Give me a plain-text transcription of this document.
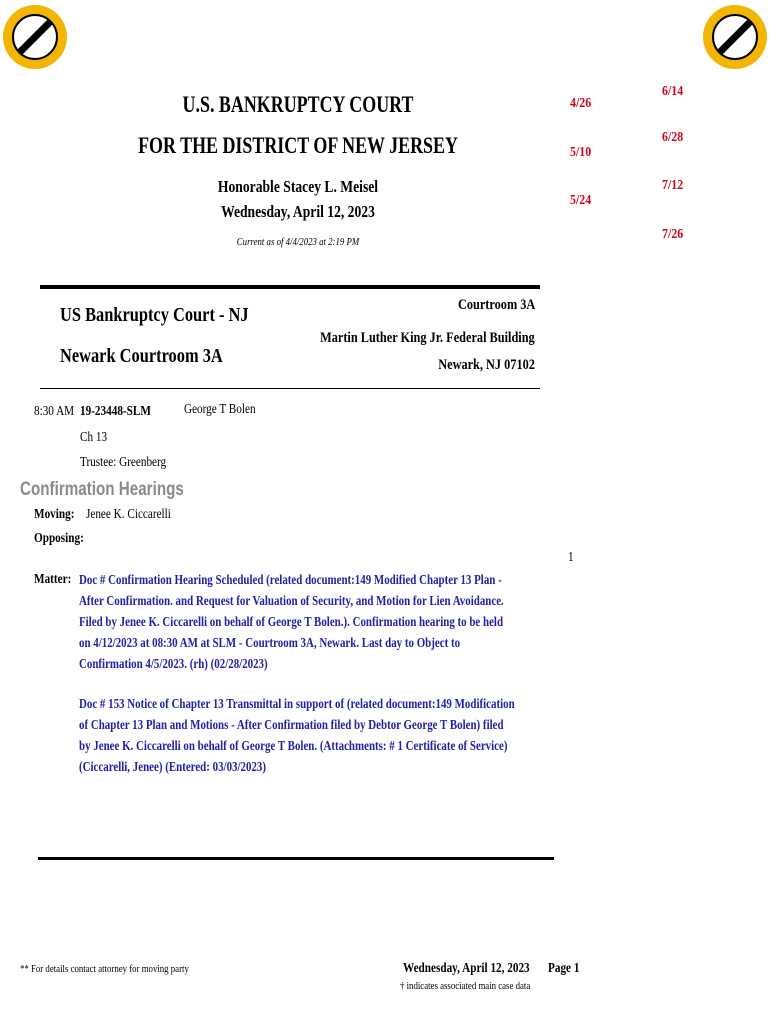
U.S. BANKRUPTCY COURT
FOR THE DISTRICT OF NEW JERSEY
Honorable Stacey L. Meisel
Wednesday, April 12, 2023
Current as of 4/4/2023 at 2:19 PM
4/26
5/10
5/24
6/14
6/28
7/12
7/26
US Bankruptcy Court - NJ
Newark Courtroom 3A
Courtroom 3A
Martin Luther King Jr. Federal Building
Newark, NJ 07102
8:30 AM 19-23448-SLM George T Bolen
Ch 13
Trustee: Greenberg
Confirmation Hearings
Moving: Jenee K. Ciccarelli
Opposing:
1
Matter: Doc # Confirmation Hearing Scheduled (related document:149 Modified Chapter 13 Plan - After Confirmation. and Request for Valuation of Security, and Motion for Lien Avoidance. Filed by Jenee K. Ciccarelli on behalf of George T Bolen.). Confirmation hearing to be held on 4/12/2023 at 08:30 AM at SLM - Courtroom 3A, Newark. Last day to Object to Confirmation 4/5/2023. (rh) (02/28/2023)
Doc # 153 Notice of Chapter 13 Transmittal in support of (related document:149 Modification of Chapter 13 Plan and Motions - After Confirmation filed by Debtor George T Bolen) filed by Jenee K. Ciccarelli on behalf of George T Bolen. (Attachments: # 1 Certificate of Service) (Ciccarelli, Jenee) (Entered: 03/03/2023)
** For details contact attorney for moving party	Wednesday, April 12, 2023 Page 1
† indicates associated main case data
